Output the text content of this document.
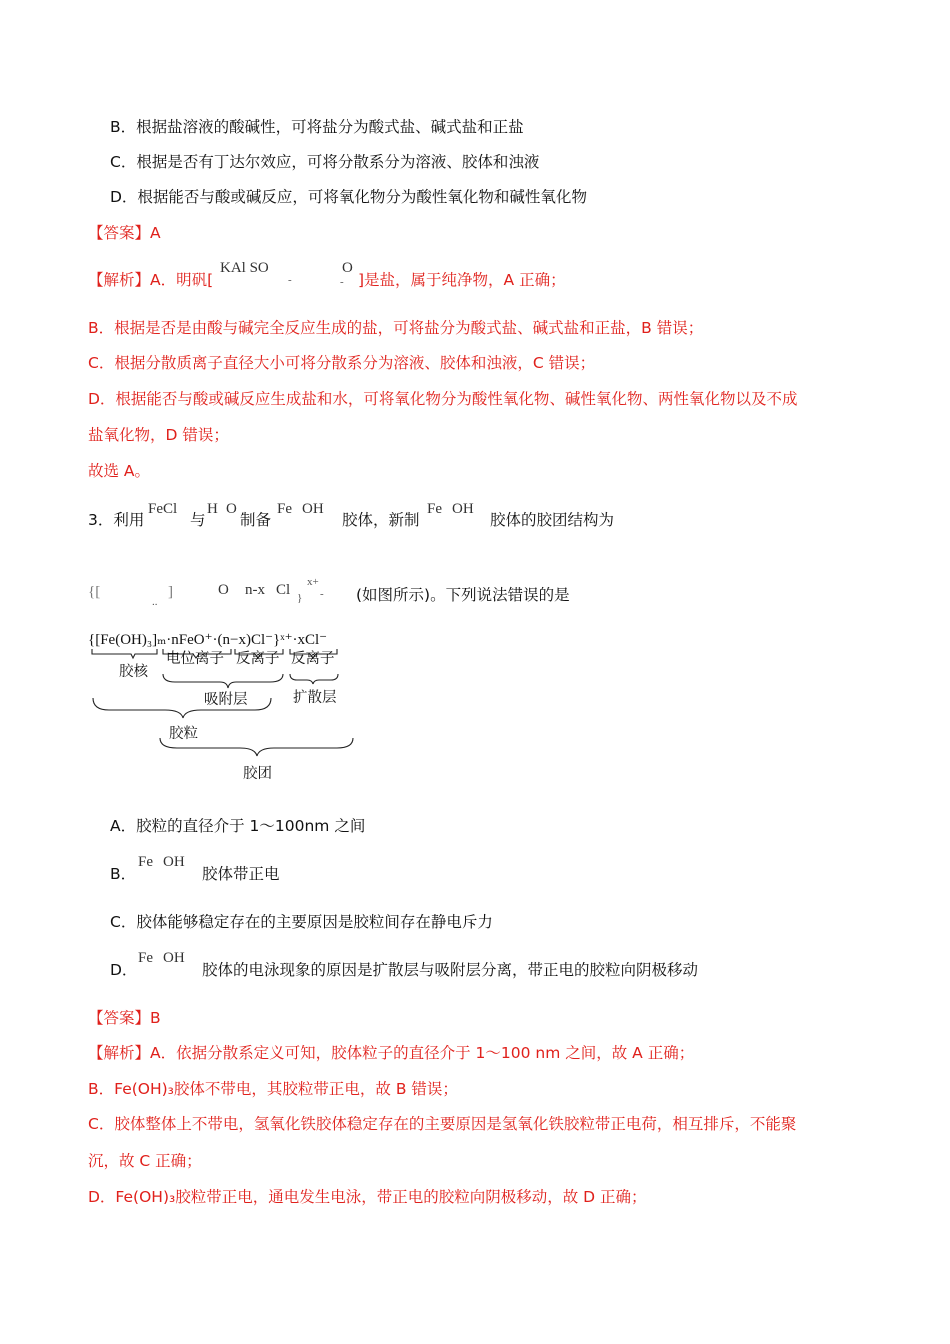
B．根据盐溶液的酸碱性，可将盐分为酸式盐、碱式盐和正盐
C．根据是否有丁达尔效应，可将分散系分为溶液、胶体和浊液
D．根据能否与酸或碱反应，可将氧化物分为酸性氧化物和碱性氧化物
【答案】A
【解析】A．明矾[
KAl SO
-
O
- ]是盐，属于纯净物，A 正确；
B．根据是否是由酸与碱完全反应生成的盐，可将盐分为酸式盐、碱式盐和正盐，B 错误；
C．根据分散质离子直径大小可将分散系分为溶液、胶体和浊液，C 错误；
D．根据能否与酸或碱反应生成盐和水，可将氧化物分为酸性氧化物、碱性氧化物、两性氧化物以及不成
盐氧化物，D 错误；
故选 A。
3．利用
FeCl
与
H O
制备
Fe OH
胶体，新制
Fe OH
胶体的胶团结构为
{[
..
]	O n-x Cl }
x+
- (如图所示)。下列说法错误的是
{[Fe(OH)₃]ₘ·nFeO⁺·(n−x)Cl⁻}ˣ⁺·xCl⁻
胶核
电位离子 反离子 反离子
吸附层	扩散层
胶粒
胶团
A．胶粒的直径介于 1～100nm 之间
B．
Fe OH
胶体带正电
C．胶体能够稳定存在的主要原因是胶粒间存在静电斥力
D．
Fe OH
胶体的电泳现象的原因是扩散层与吸附层分离，带正电的胶粒向阴极移动
【答案】B
【解析】A．依据分散系定义可知，胶体粒子的直径介于 1～100 nm 之间，故 A 正确；
B．Fe(OH)₃胶体不带电，其胶粒带正电，故 B 错误；
C．胶体整体上不带电，氢氧化铁胶体稳定存在的主要原因是氢氧化铁胶粒带正电荷，相互排斥，不能聚
沉，故 C 正确；
D．Fe(OH)₃胶粒带正电，通电发生电泳，带正电的胶粒向阴极移动，故 D 正确；
